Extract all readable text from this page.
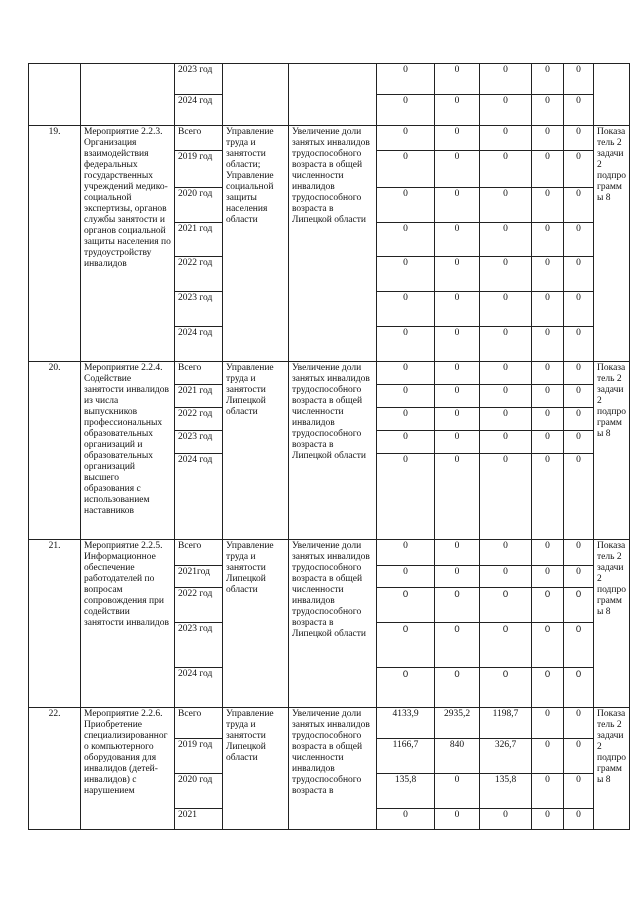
		2023 год			0	0	0	0	0	
		2024 год			0	0	0	0	0	
19.	Мероприятие 2.2.3. Организация взаимодействия федеральных государственных учреждений медико-социальной экспертизы, органов службы занятости и органов социальной защиты населения по трудоустройству инвалидов	Всего	Управление труда и занятости области; Управление социальной защиты населения области	Увеличение доли занятых инвалидов трудоспособного возраста в общей численности инвалидов трудоспособного возраста в Липецкой области	0	0	0	0	0	Показатель 2 задачи 2 подпрограммы 8
		2019 год			0	0	0	0	0	
		2020 год			0	0	0	0	0	
		2021 год			0	0	0	0	0	
		2022 год			0	0	0	0	0	
		2023 год			0	0	0	0	0	
		2024 год			0	0	0	0	0	
20.	Мероприятие 2.2.4. Содействие занятости инвалидов из числа выпускников профессиональных образовательных организаций и образовательных организаций высшего образования с использованием наставников	Всего	Управление труда и занятости Липецкой области	Увеличение доли занятых инвалидов трудоспособного возраста в общей численности инвалидов трудоспособного возраста в Липецкой области	0	0	0	0	0	Показатель 2 задачи 2 подпрограммы 8
		2021 год			0	0	0	0	0	
		2022 год			0	0	0	0	0	
		2023 год			0	0	0	0	0	
		2024 год			0	0	0	0	0	
21.	Мероприятие 2.2.5. Информационное обеспечение работодателей по вопросам сопровождения при содействии занятости инвалидов	Всего	Управление труда и занятости Липецкой области	Увеличение доли занятых инвалидов трудоспособного возраста в общей численности инвалидов трудоспособного возраста в Липецкой области	0	0	0	0	0	Показатель 2 задачи 2 подпрограммы 8
		2021год			0	0	0	0	0	
		2022 год			0	0	0	0	0	
		2023 год			0	0	0	0	0	
		2024 год			0	0	0	0	0	
22.	Мероприятие 2.2.6. Приобретение специализированного компьютерного оборудования для инвалидов (детей-инвалидов) с нарушением	Всего	Управление труда и занятости Липецкой области	Увеличение доли занятых инвалидов трудоспособного возраста в общей численности инвалидов трудоспособного возраста в	4133,9	2935,2	1198,7	0	0	Показатель 2 задачи 2 подпрограммы 8
		2019 год			1166,7	840	326,7	0	0	
		2020 год			135,8	0	135,8	0	0	
		2021			0	0	0	0	0	
